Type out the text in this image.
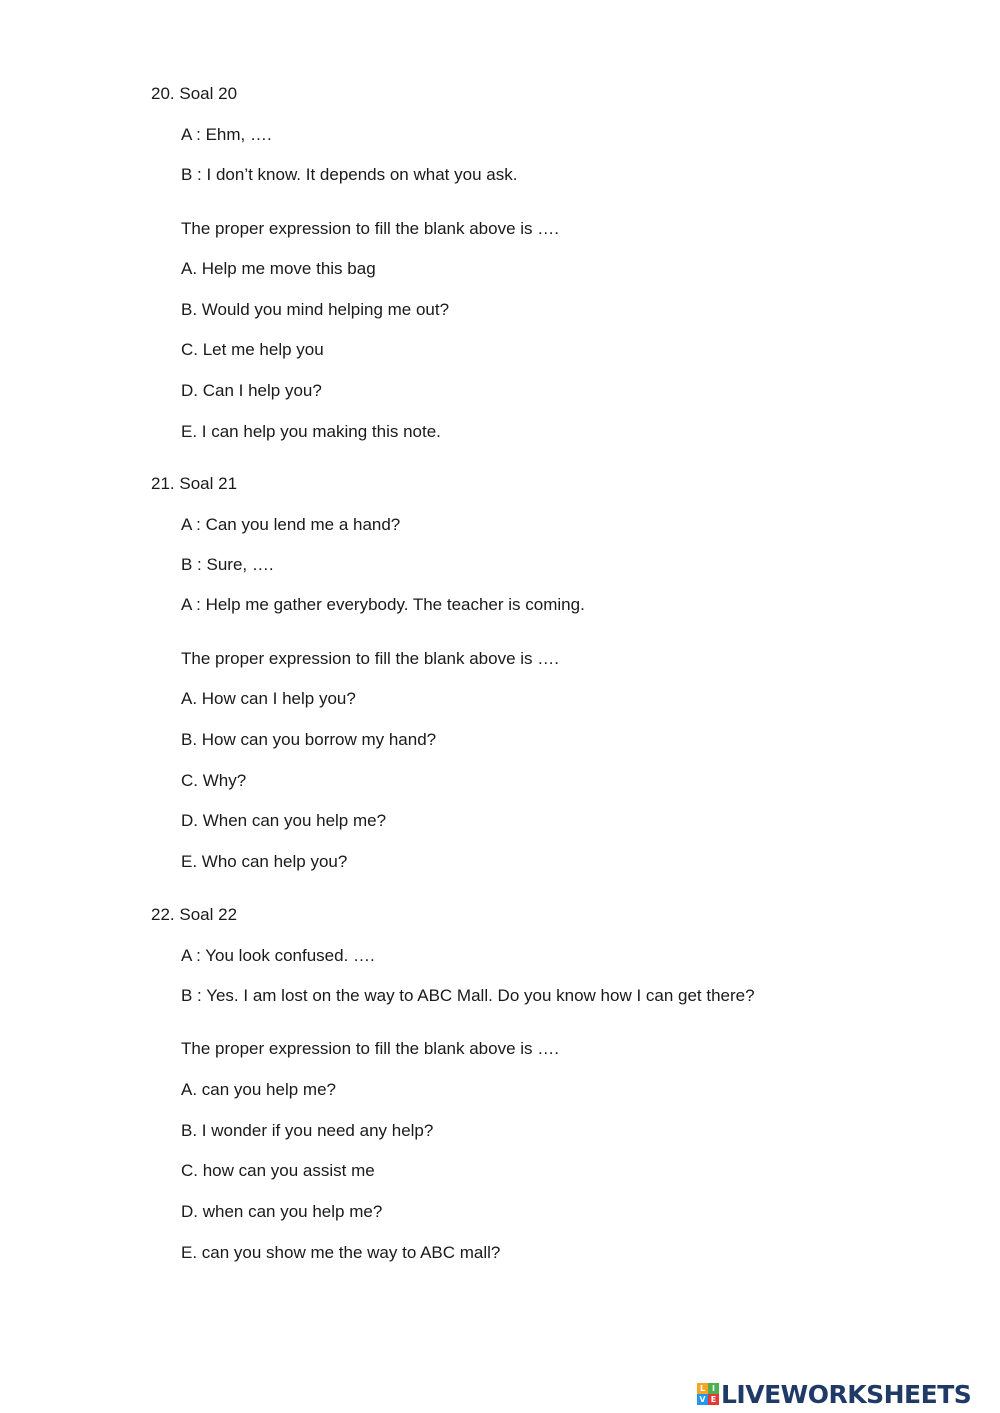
20. Soal 20
A : Ehm, ….
B : I don’t know. It depends on what you ask.
The proper expression to fill the blank above is ….
A. Help me move this bag
B. Would you mind helping me out?
C. Let me help you
D. Can I help you?
E. I can help you making this note.
21. Soal 21
A : Can you lend me a hand?
B : Sure, ….
A : Help me gather everybody. The teacher is coming.
The proper expression to fill the blank above is ….
A. How can I help you?
B. How can you borrow my hand?
C. Why?
D. When can you help me?
E. Who can help you?
22. Soal 22
A : You look confused. ….
B : Yes. I am lost on the way to ABC Mall. Do you know how I can get there?
The proper expression to fill the blank above is ….
A. can you help me?
B. I wonder if you need any help?
C. how can you assist me
D. when can you help me?
E. can you show me the way to ABC mall?
L I
V E LIVEWORKSHEETS
